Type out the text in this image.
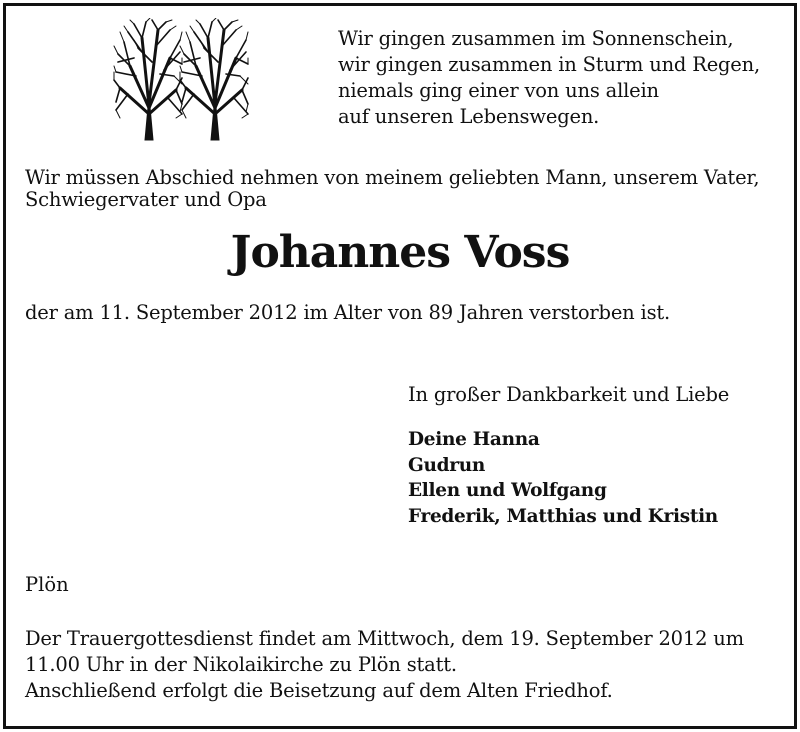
Wir gingen zusammen im Sonnenschein,
wir gingen zusammen in Sturm und Regen,
niemals ging einer von uns allein
auf unseren Lebenswegen.
Wir müssen Abschied nehmen von meinem geliebten Mann, unserem Vater, Schwiegervater und Opa
Johannes Voss
der am 11. September 2012 im Alter von 89 Jahren verstorben ist.
In großer Dankbarkeit und Liebe
Deine Hanna
Gudrun
Ellen und Wolfgang
Frederik, Matthias und Kristin
Plön
Der Trauergottesdienst findet am Mittwoch, dem 19. September 2012 um
11.00 Uhr in der Nikolaikirche zu Plön statt.
Anschließend erfolgt die Beisetzung auf dem Alten Friedhof.
